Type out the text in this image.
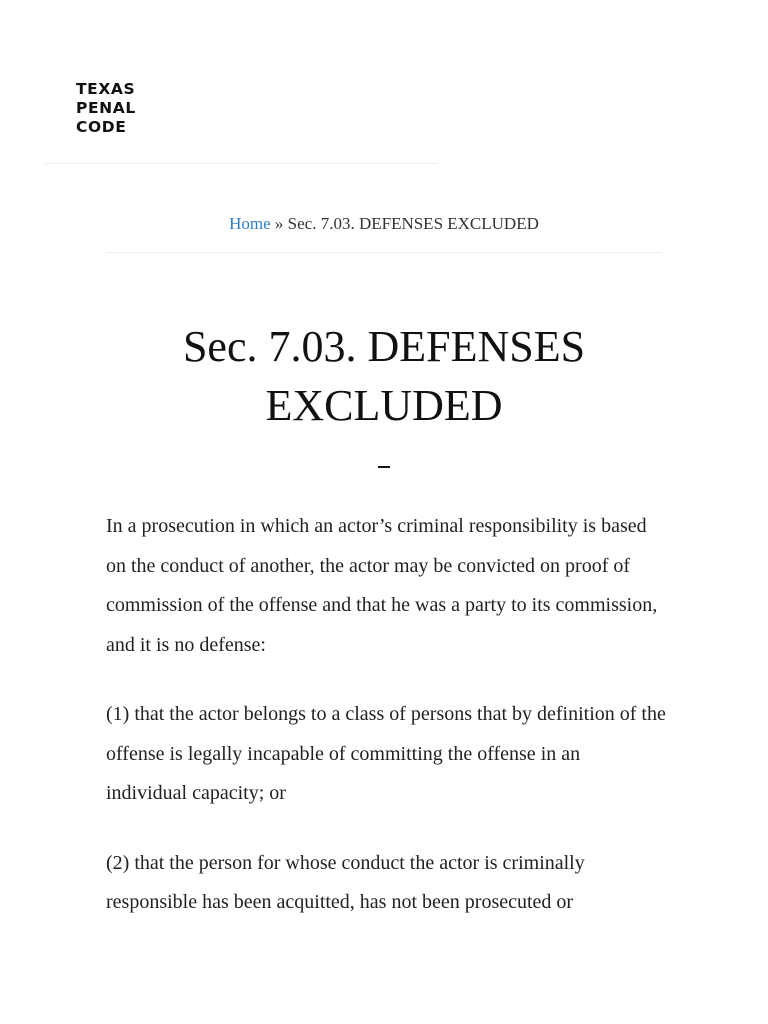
TEXAS
PENAL
CODE
Home » Sec. 7.03. DEFENSES EXCLUDED
Sec. 7.03. DEFENSES EXCLUDED

In a prosecution in which an actor’s criminal responsibility is based on the conduct of another, the actor may be convicted on proof of commission of the offense and that he was a party to its commission, and it is no defense:

(1) that the actor belongs to a class of persons that by definition of the offense is legally incapable of committing the offense in an individual capacity; or

(2) that the person for whose conduct the actor is criminally responsible has been acquitted, has not been prosecuted or
